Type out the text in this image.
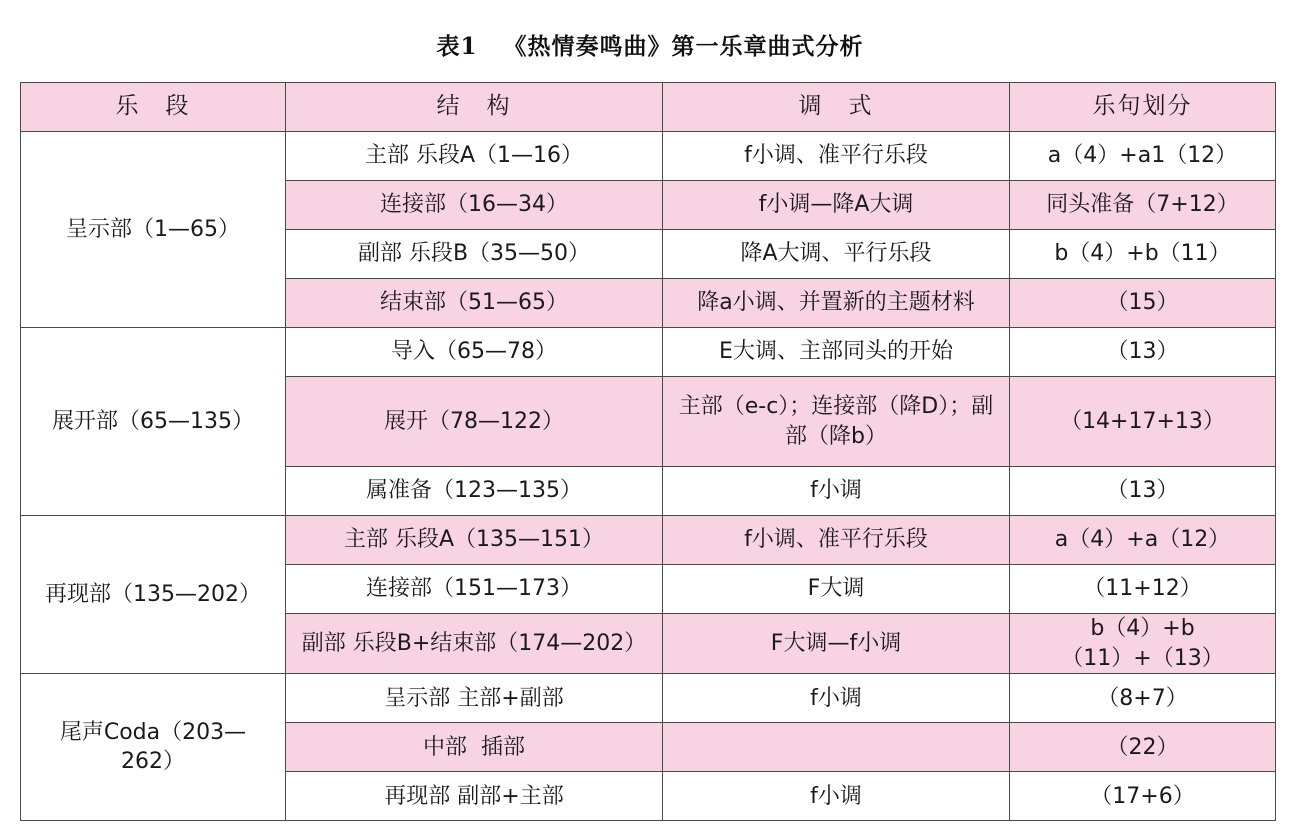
表1 《热情奏鸣曲》第一乐章曲式分析
乐　段	结　构	调　式	乐句划分
呈示部（1—65）	主部 乐段A（1—16）	f小调、准平行乐段	a（4）+a1（12）
	连接部（16—34）	f小调—降A大调	同头准备（7+12）
	副部 乐段B（35—50）	降A大调、平行乐段	b（4）+b（11）
	结束部（51—65）	降a小调、并置新的主题材料	（15）
展开部（65—135）	导入（65—78）	E大调、主部同头的开始	（13）
	展开（78—122）	主部（e-c）；连接部（降D）；副部（降b）	（14+17+13）
	属准备（123—135）	f小调	（13）
再现部（135—202）	主部 乐段A（135—151）	f小调、准平行乐段	a（4）+a（12）
	连接部（151—173）	F大调	（11+12）
	副部 乐段B+结束部（174—202）	F大调—f小调	b（4）+b（11）+（13）
尾声Coda（203—262）	呈示部 主部+副部	f小调	（8+7）
	中部  插部		（22）
	再现部 副部+主部	f小调	（17+6）
